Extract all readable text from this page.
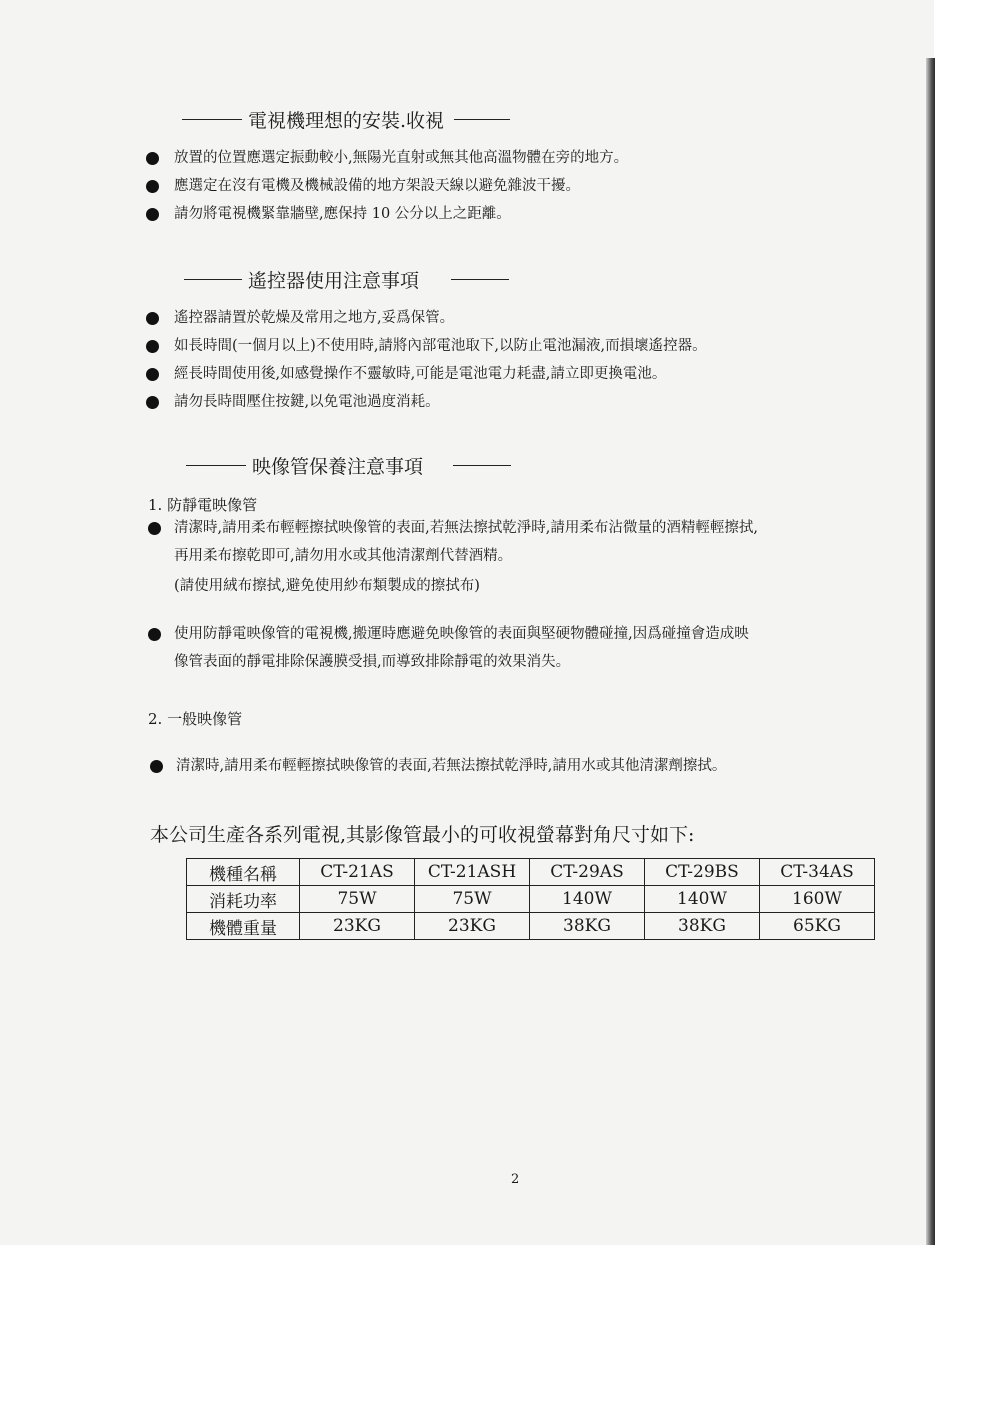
電視機理想的安裝.收視
放置的位置應選定振動較小,無陽光直射或無其他高溫物體在旁的地方。
應選定在沒有電機及機械設備的地方架設天線以避免雜波干擾。
請勿將電視機緊靠牆壁,應保持 10 公分以上之距離。
遙控器使用注意事項
遙控器請置於乾燥及常用之地方,妥爲保管。
如長時間(一個月以上)不使用時,請將內部電池取下,以防止電池漏液,而損壞遙控器。
經長時間使用後,如感覺操作不靈敏時,可能是電池電力耗盡,請立即更換電池。
請勿長時間壓住按鍵,以免電池過度消耗。
映像管保養注意事項
1. 防靜電映像管
清潔時,請用柔布輕輕擦拭映像管的表面,若無法擦拭乾淨時,請用柔布沾微量的酒精輕輕擦拭,
再用柔布擦乾即可,請勿用水或其他清潔劑代替酒精。
(請使用絨布擦拭,避免使用紗布類製成的擦拭布)
使用防靜電映像管的電視機,搬運時應避免映像管的表面與堅硬物體碰撞,因爲碰撞會造成映
像管表面的靜電排除保護膜受損,而導致排除靜電的效果消失。
2. 一般映像管
清潔時,請用柔布輕輕擦拭映像管的表面,若無法擦拭乾淨時,請用水或其他清潔劑擦拭。
本公司生產各系列電視,其影像管最小的可收視螢幕對角尺寸如下:
機種名稱	CT-21AS	CT-21ASH	CT-29AS	CT-29BS	CT-34AS
消耗功率	75W	75W	140W	140W	160W
機體重量	23KG	23KG	38KG	38KG	65KG
2
